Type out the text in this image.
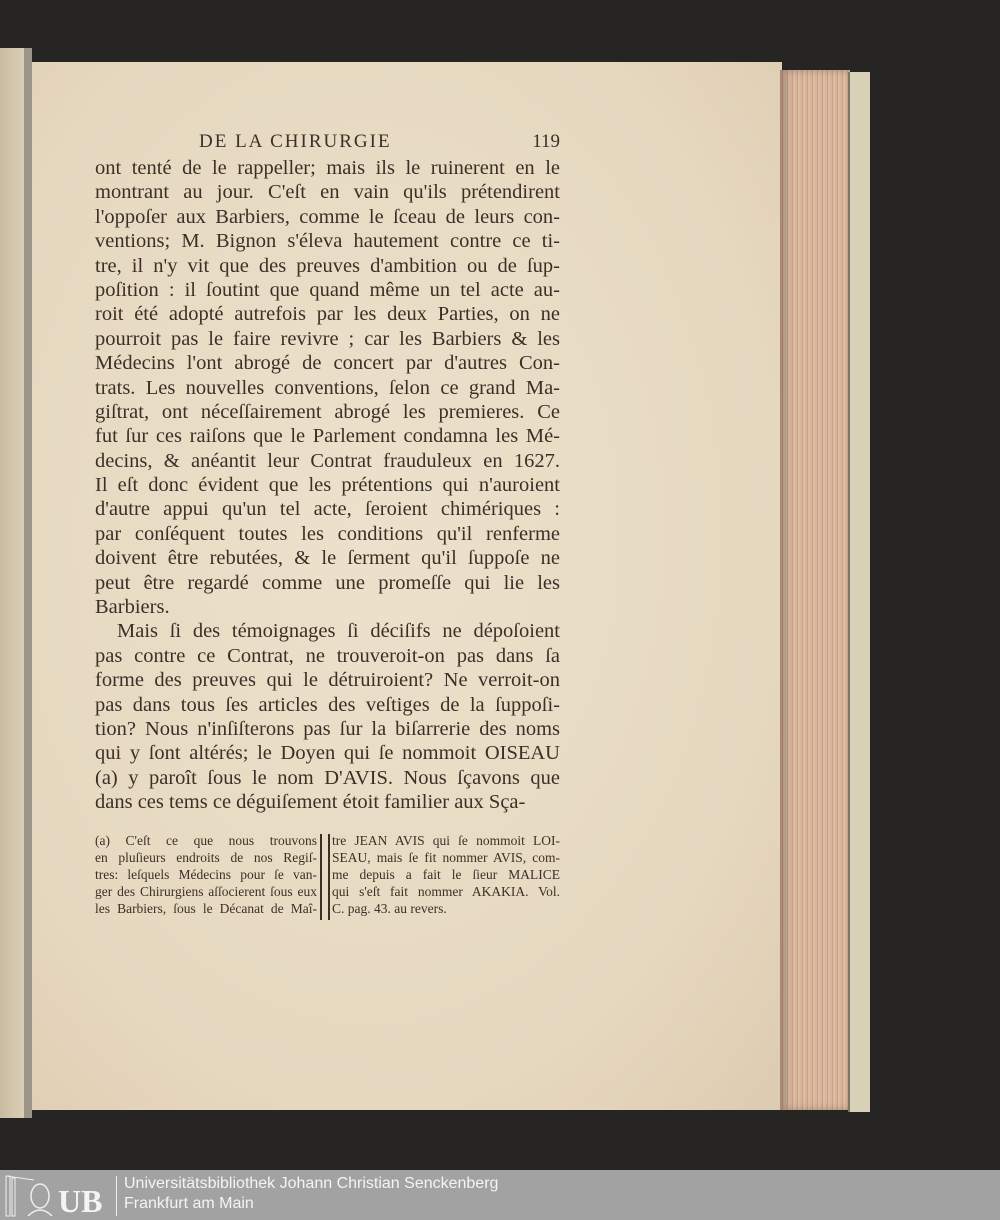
DE LA CHIRURGIE	119
ont tenté de le rappeller; mais ils le ruinerent en le
montrant au jour. C'eſt en vain qu'ils prétendirent
l'oppoſer aux Barbiers, comme le ſceau de leurs con-
ventions; M. Bignon s'éleva hautement contre ce ti-
tre, il n'y vit que des preuves d'ambition ou de ſup-
poſition : il ſoutint que quand même un tel acte au-
roit été adopté autrefois par les deux Parties, on ne
pourroit pas le faire revivre ; car les Barbiers & les
Médecins l'ont abrogé de concert par d'autres Con-
trats. Les nouvelles conventions, ſelon ce grand Ma-
giſtrat, ont néceſſairement abrogé les premieres. Ce
fut ſur ces raiſons que le Parlement condamna les Mé-
decins, & anéantit leur Contrat frauduleux en 1627.
Il eſt donc évident que les prétentions qui n'auroient
d'autre appui qu'un tel acte, ſeroient chimériques :
par conſéquent toutes les conditions qu'il renferme
doivent être rebutées, & le ſerment qu'il ſuppoſe ne
peut être regardé comme une promeſſe qui lie les
Barbiers.
Mais ſi des témoignages ſi déciſifs ne dépoſoient
pas contre ce Contrat, ne trouveroit-on pas dans ſa
forme des preuves qui le détruiroient? Ne verroit-on
pas dans tous ſes articles des veſtiges de la ſuppoſi-
tion? Nous n'inſiſterons pas ſur la biſarrerie des noms
qui y ſont altérés; le Doyen qui ſe nommoit OISEAU
(a) y paroît ſous le nom D'AVIS. Nous ſçavons que
dans ces tems ce déguiſement étoit familier aux Sça-
(a) C'eſt ce que nous trouvons
en pluſieurs endroits de nos Regiſ-
tres: leſquels Médecins pour ſe van-
ger des Chirurgiens aſſocierent ſous eux
les Barbiers, ſous le Décanat de Maî-
tre JEAN AVIS qui ſe nommoit LOI-
SEAU, mais ſe fit nommer AVIS, com-
me depuis a fait le ſieur MALICE
qui s'eſt fait nommer AKAKIA. Vol.
C. pag. 43. au revers.
UB Universitätsbibliothek Johann Christian Senckenberg
Frankfurt am Main
